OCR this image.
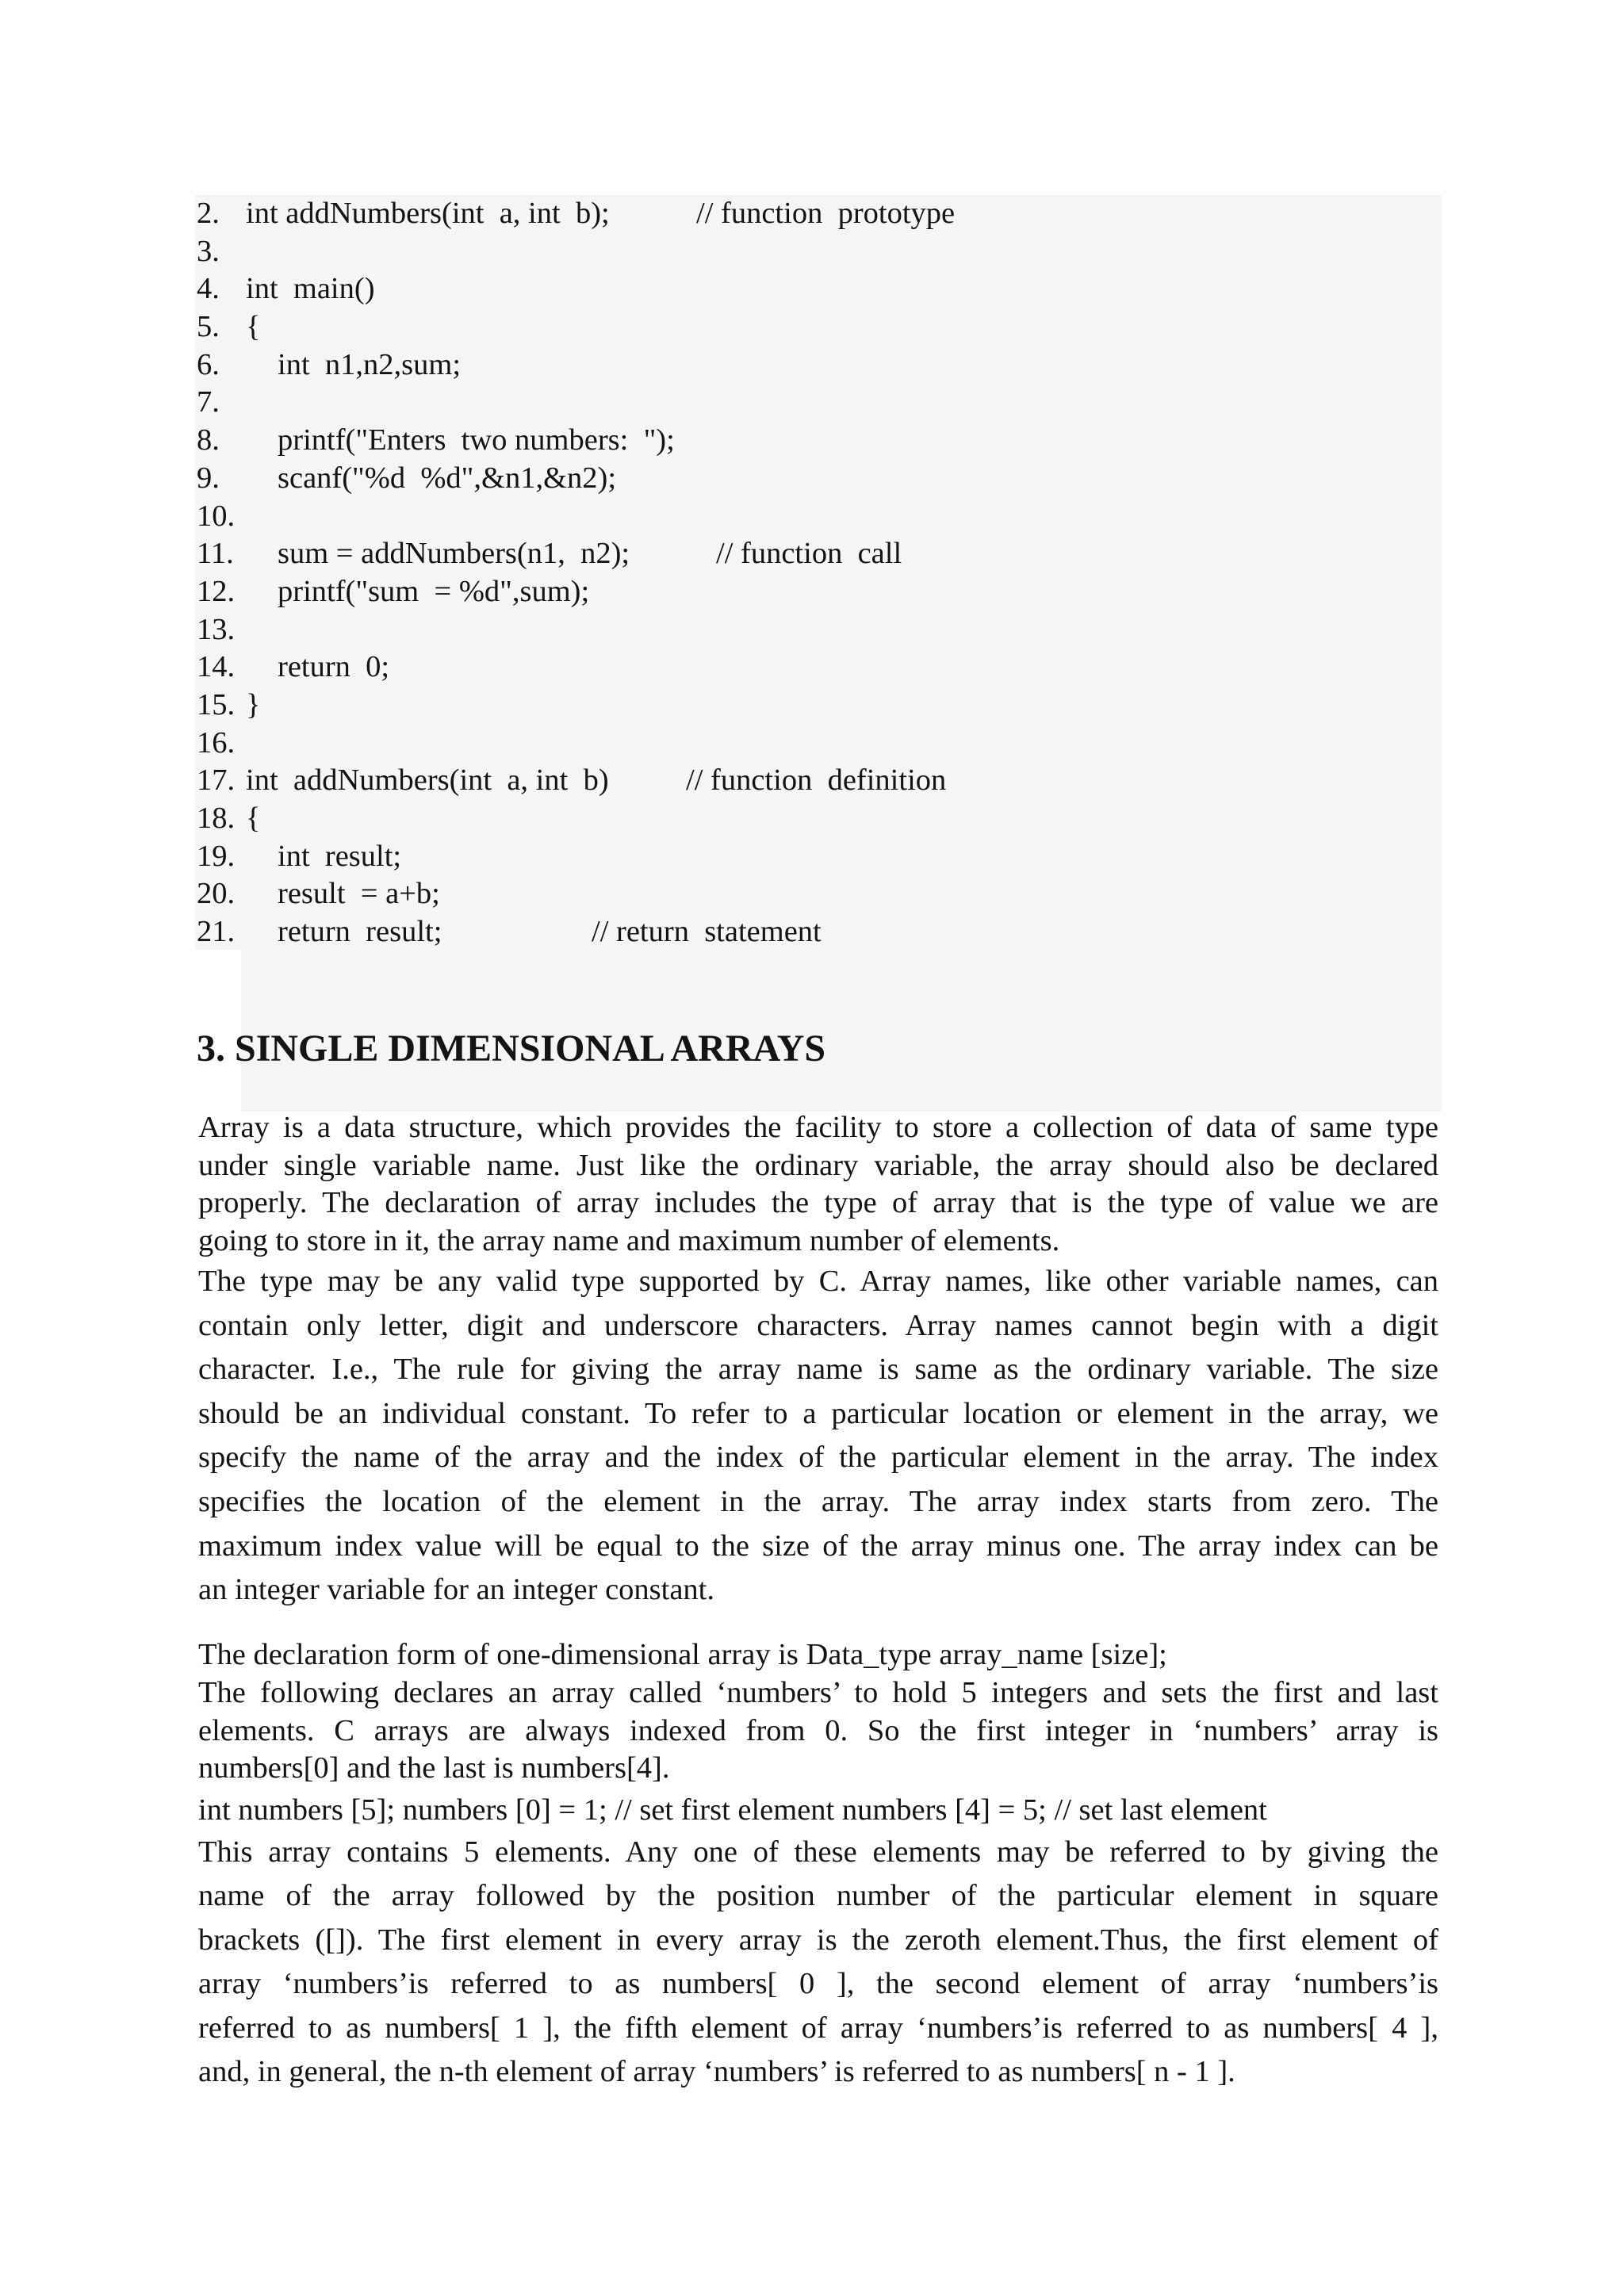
2. int addNumbers(int  a, int  b);	// function  prototype
3.
4. int  main()
5. {
6. int  n1,n2,sum;
7.
8. printf("Enters  two numbers:  ");
9. scanf("%d  %d",&n1,&n2);
10.
11. sum = addNumbers(n1,  n2);	// function  call
12. printf("sum  = %d",sum);
13.
14. return  0;
15. }
16.
17. int  addNumbers(int  a, int  b)	// function  definition
18. {
19. int  result;
20. result  = a+b;
21. return  result;	// return  statement
3. SINGLE DIMENSIONAL ARRAYS
Array is a data structure, which provides the facility to store a collection of data of same type
under single variable name. Just like the ordinary variable, the array should also be declared
properly. The declaration of array includes the type of array that is the type of value we are
going to store in it, the array name and maximum number of elements.
The type may be any valid type supported by C. Array names, like other variable names, can
contain only letter, digit and underscore characters. Array names cannot begin with a digit
character. I.e., The rule for giving the array name is same as the ordinary variable. The size
should be an individual constant. To refer to a particular location or element in the array, we
specify the name of the array and the index of the particular element in the array. The index
specifies the location of the element in the array. The array index starts from zero. The
maximum index value will be equal to the size of the array minus one. The array index can be
an integer variable for an integer constant.
The declaration form of one-dimensional array is Data_type array_name [size];
The following declares an array called ‘numbers’ to hold 5 integers and sets the first and last
elements. C arrays are always indexed from 0. So the first integer in ‘numbers’ array is
numbers[0] and the last is numbers[4].
int numbers [5]; numbers [0] = 1; // set first element numbers [4] = 5; // set last element
This array contains 5 elements. Any one of these elements may be referred to by giving the
name of the array followed by the position number of the particular element in square
brackets ([]). The first element in every array is the zeroth element.Thus, the first element of
array ‘numbers’is referred to as numbers[ 0 ], the second element of array ‘numbers’is
referred to as numbers[ 1 ], the fifth element of array ‘numbers’is referred to as numbers[ 4 ],
and, in general, the n-th element of array ‘numbers’ is referred to as numbers[ n - 1 ].
